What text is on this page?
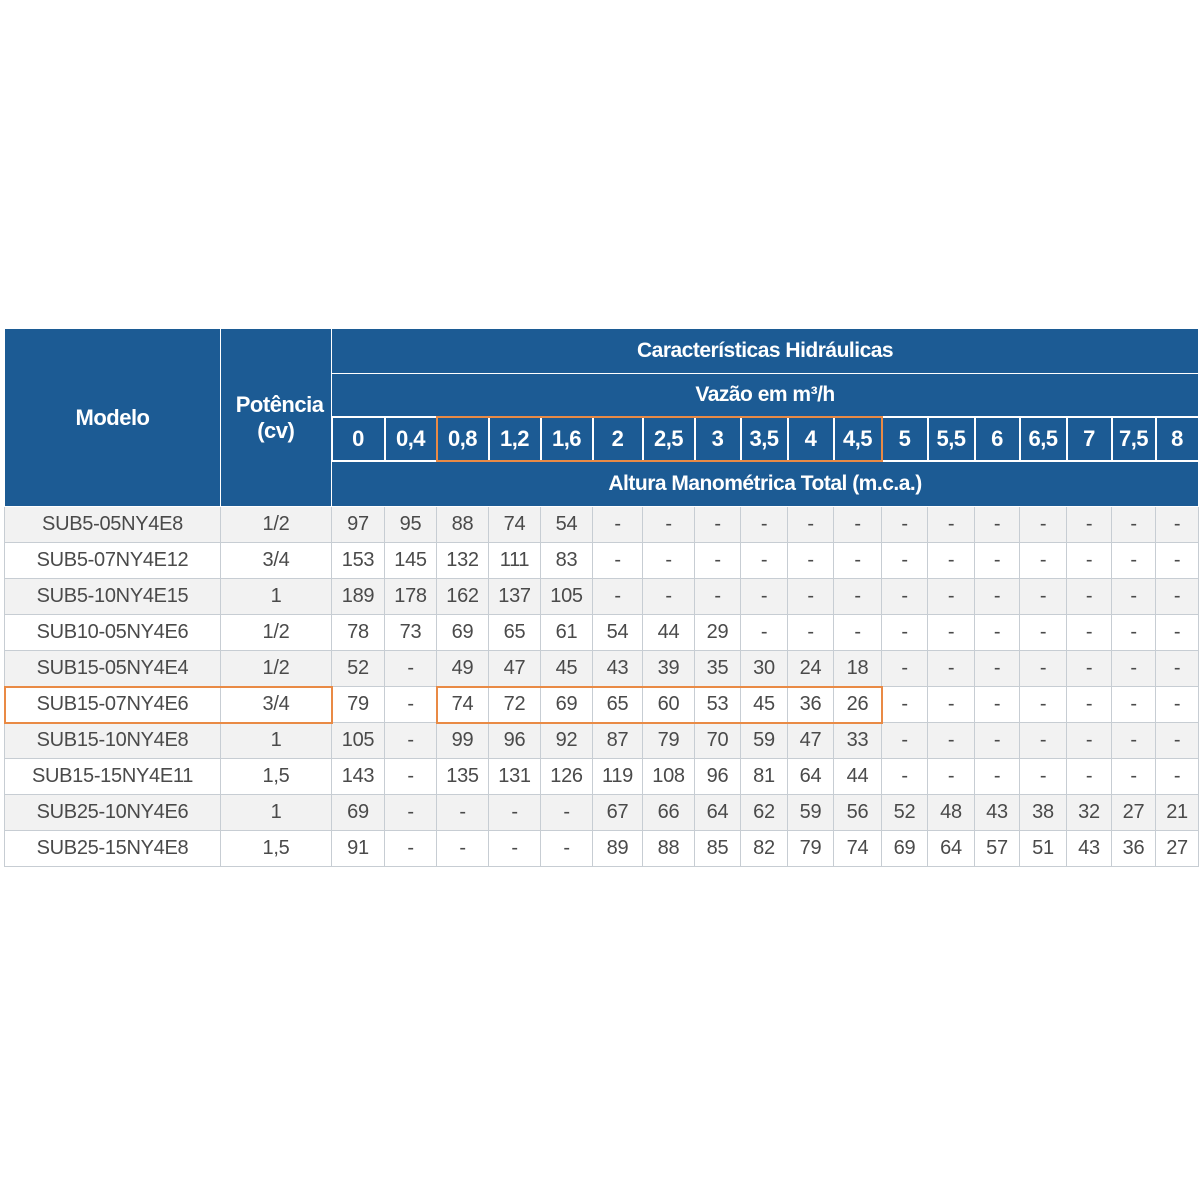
Modelo	Potência (cv)	Características Hidráulicas																	
		Vazão em m³/h																	
		0	0,4	0,8	1,2	1,6	2	2,5	3	3,5	4	4,5	5	5,5	6	6,5	7	7,5	8
		Altura Manométrica Total (m.c.a.)																	
SUB5-05NY4E8	1/2	97	95	88	74	54	-	-	-	-	-	-	-	-	-	-	-	-	-
SUB5-07NY4E12	3/4	153	145	132	111	83	-	-	-	-	-	-	-	-	-	-	-	-	-
SUB5-10NY4E15	1	189	178	162	137	105	-	-	-	-	-	-	-	-	-	-	-	-	-
SUB10-05NY4E6	1/2	78	73	69	65	61	54	44	29	-	-	-	-	-	-	-	-	-	-
SUB15-05NY4E4	1/2	52	-	49	47	45	43	39	35	30	24	18	-	-	-	-	-	-	-
SUB15-07NY4E6	3/4	79	-	74	72	69	65	60	53	45	36	26	-	-	-	-	-	-	-
SUB15-10NY4E8	1	105	-	99	96	92	87	79	70	59	47	33	-	-	-	-	-	-	-
SUB15-15NY4E11	1,5	143	-	135	131	126	119	108	96	81	64	44	-	-	-	-	-	-	-
SUB25-10NY4E6	1	69	-	-	-	-	67	66	64	62	59	56	52	48	43	38	32	27	21
SUB25-15NY4E8	1,5	91	-	-	-	-	89	88	85	82	79	74	69	64	57	51	43	36	27
